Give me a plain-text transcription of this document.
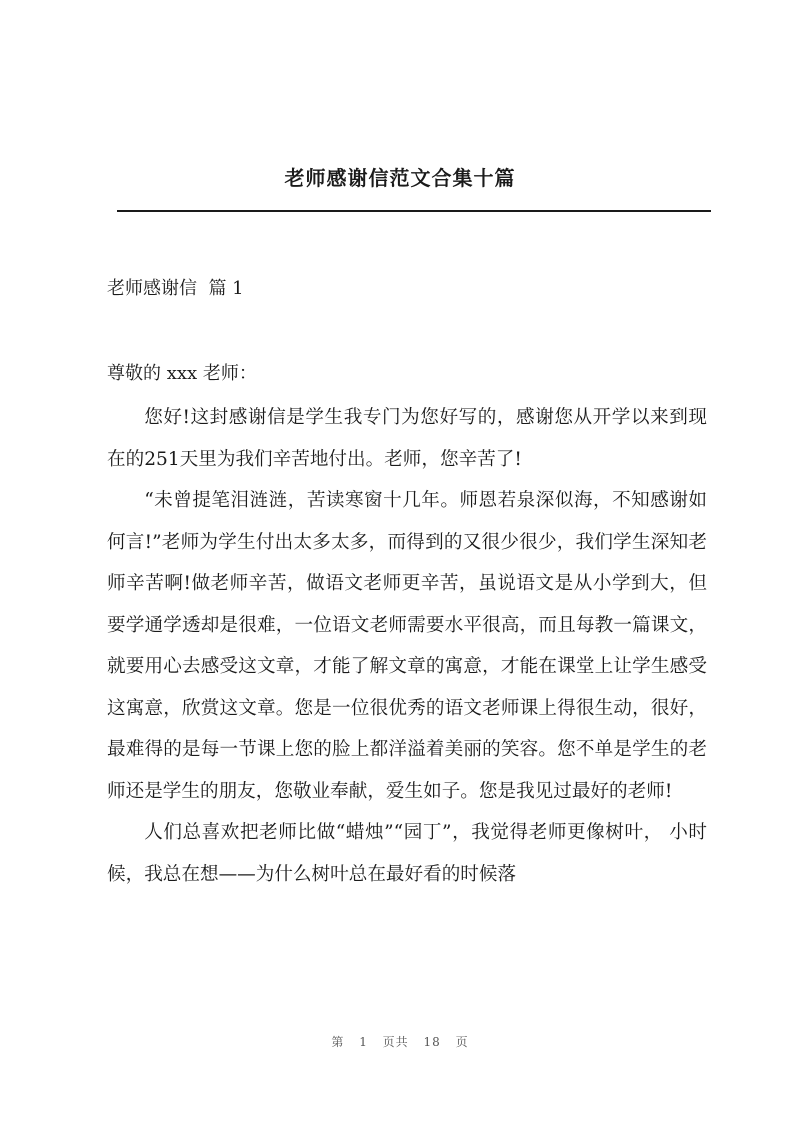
老师感谢信范文合集十篇
老师感谢信  篇 1
尊敬的 xxx 老师：

您好!这封感谢信是学生我专门为您好写的，感谢您从开学以来到现在的251天里为我们辛苦地付出。老师，您辛苦了!

“未曾提笔泪涟涟，苦读寒窗十几年。师恩若泉深似海，不知感谢如何言!”老师为学生付出太多太多，而得到的又很少很少，我们学生深知老师辛苦啊!做老师辛苦，做语文老师更辛苦，虽说语文是从小学到大，但要学通学透却是很难，一位语文老师需要水平很高，而且每教一篇课文，就要用心去感受这文章，才能了解文章的寓意，才能在课堂上让学生感受这寓意，欣赏这文章。您是一位很优秀的语文老师课上得很生动，很好，最难得的是每一节课上您的脸上都洋溢着美丽的笑容。您不单是学生的老师还是学生的朋友，您敬业奉献，爱生如子。您是我见过最好的老师!

人们总喜欢把老师比做“蜡烛”“园丁”，我觉得老师更像树叶， 小时候，我总在想——为什么树叶总在最好看的时候落

第 1 页共 18 页
